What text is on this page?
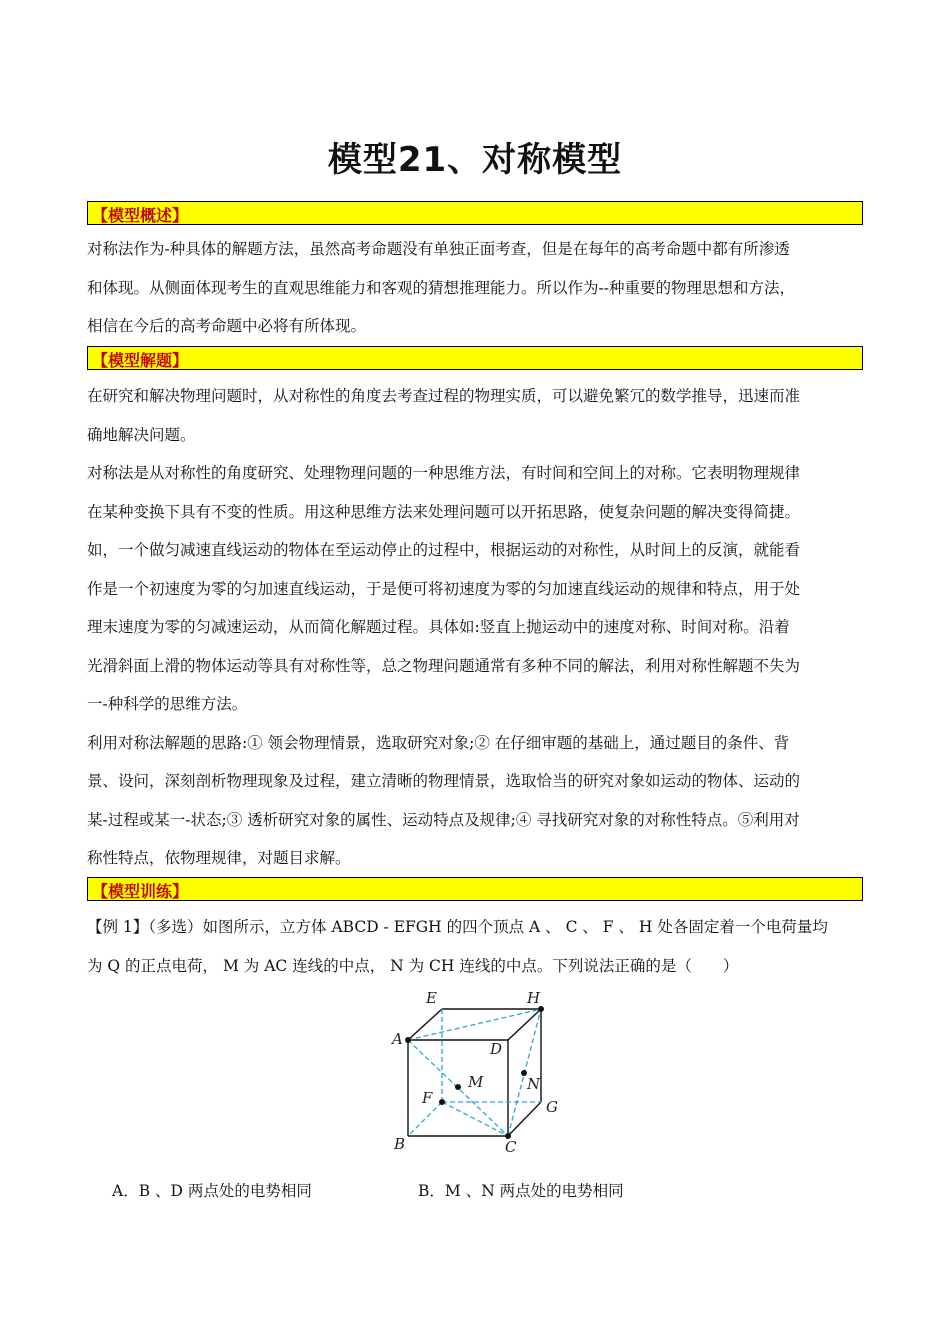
模型21、对称模型
【模型概述】
对称法作为-种具体的解题方法，虽然高考命题没有单独正面考查，但是在每年的高考命题中都有所渗透
和体现。从侧面体现考生的直观思维能力和客观的猜想推理能力。所以作为--种重要的物理思想和方法，
相信在今后的高考命题中必将有所体现。
【模型解题】
在研究和解决物理问题时，从对称性的角度去考查过程的物理实质，可以避免繁冗的数学推导，迅速而准
确地解决问题。
对称法是从对称性的角度研究、处理物理问题的一种思维方法，有时间和空间上的对称。它表明物理规律
在某种变换下具有不变的性质。用这种思维方法来处理问题可以开拓思路，使复杂问题的解决变得简捷。
如，一个做匀减速直线运动的物体在至运动停止的过程中，根据运动的对称性，从时间上的反演，就能看
作是一个初速度为零的匀加速直线运动，于是便可将初速度为零的匀加速直线运动的规律和特点，用于处
理末速度为零的匀减速运动，从而简化解题过程。具体如:竖直上抛运动中的速度对称、时间对称。沿着
光滑斜面上滑的物体运动等具有对称性等，总之物理问题通常有多种不同的解法，利用对称性解题不失为
一-种科学的思维方法。
利用对称法解题的思路:① 领会物理情景，选取研究对象;② 在仔细审题的基础上，通过题目的条件、背
景、设问，深刻剖析物理现象及过程，建立清晰的物理情景，选取恰当的研究对象如运动的物体、运动的
某-过程或某一-状态;③ 透析研究对象的属性、运动特点及规律;④ 寻找研究对象的对称性特点。⑤利用对
称性特点，依物理规律，对题目求解。
【模型训练】
【例 1】（多选）如图所示，立方体 ABCD - EFGH 的四个顶点 A 、 C 、 F 、 H 处各固定着一个电荷量均
为 Q 的正点电荷， M 为 AC 连线的中点， N 为 CH 连线的中点。下列说法正确的是（　　）
A
B	C
D
E
F	G
H
M	N
A．B 、D 两点处的电势相同	B．M 、N 两点处的电势相同
